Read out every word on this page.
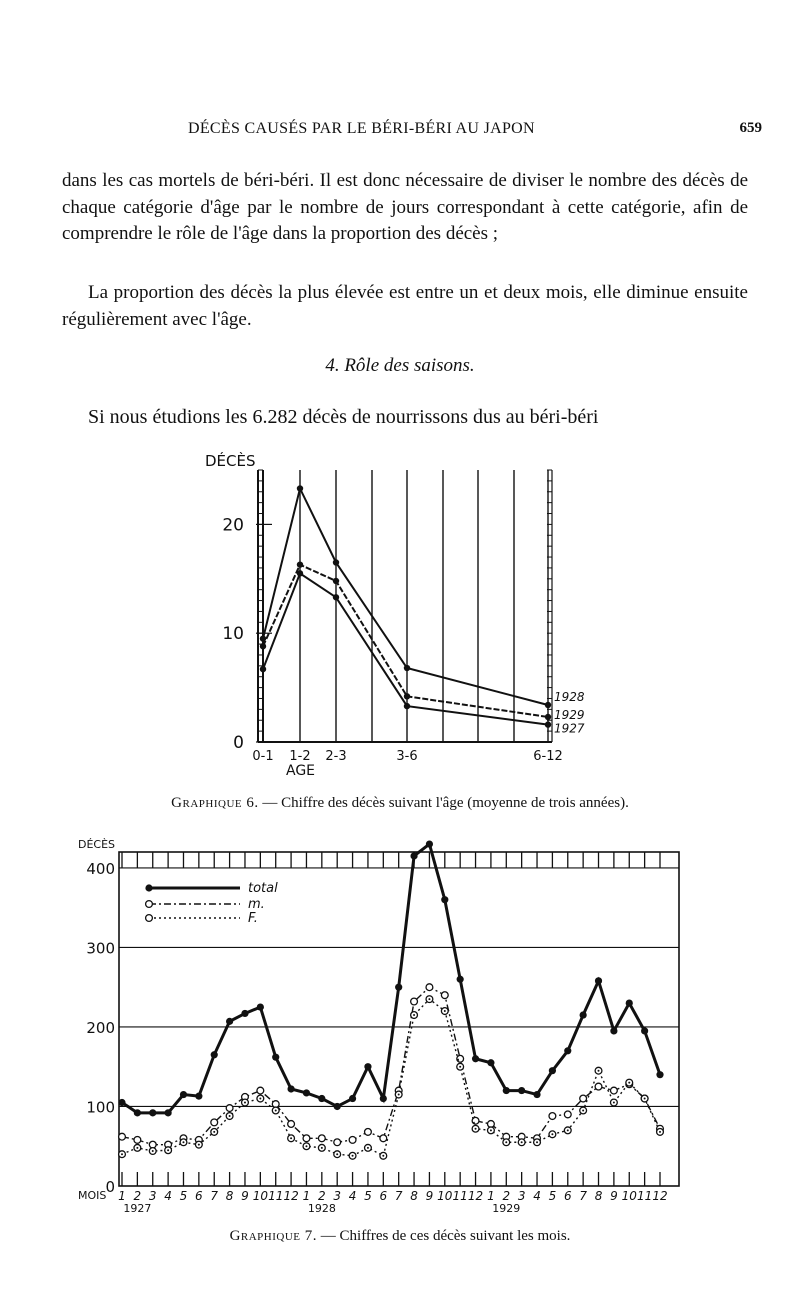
DÉCÈS CAUSÉS PAR LE BÉRI-BÉRI AU JAPON	659
dans les cas mortels de béri-béri. Il est donc nécessaire de diviser le nombre des décès de chaque catégorie d'âge par le nombre de jours correspondant à cette catégorie, afin de comprendre le rôle de l'âge dans la proportion des décès ;
La proportion des décès la plus élevée est entre un et deux mois, elle diminue ensuite régulièrement avec l'âge.
4. Rôle des saisons.
Si nous étudions les 6.282 décès de nourrissons dus au béri-béri
0
10
20
DÉCÈS
AGE
0-1 1-2 2-3	3-6	6-12
1928
1929
1927
Graphique 6. — Chiffre des décès suivant l'âge (moyenne de trois années).
0
100
200
300
400
1 2 3 4 5 6 7 8 9 10 11 12 1 2 3 4 5 6 7 8 9 10 11 12 1 2 3 4 5 6 7 8 9 10 11 12
DÉCÈS
MOIS
1927	1928	1929
total
m.
F.
Graphique 7. — Chiffres de ces décès suivant les mois.
